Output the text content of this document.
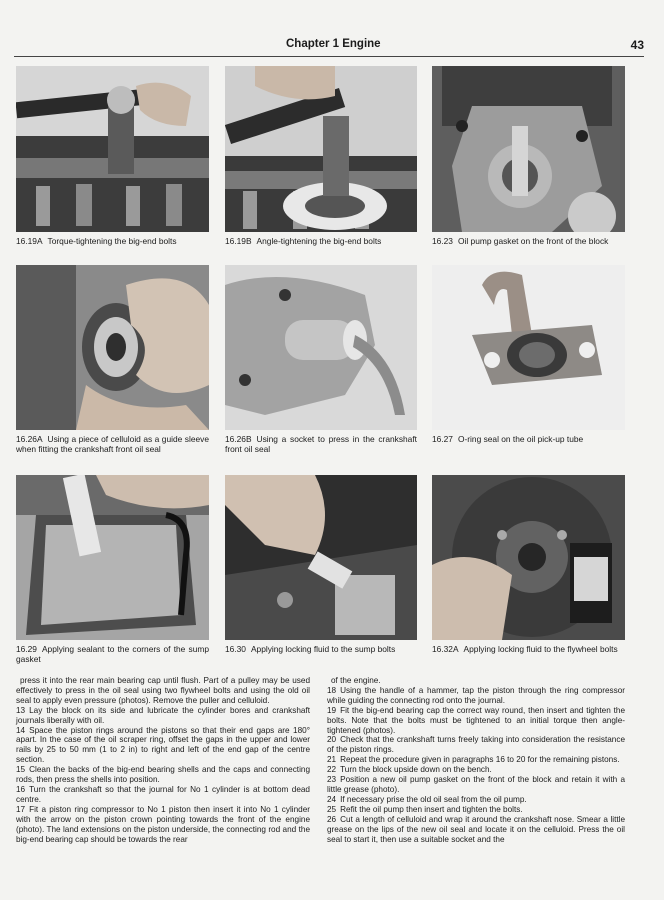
Chapter 1 Engine	43
16.19A Torque-tightening the big-end bolts	16.19B Angle-tightening the big-end bolts	16.23 Oil pump gasket on the front of the block
16.26A Using a piece of celluloid as a guide sleeve when fitting the crankshaft front oil seal
16.26B Using a socket to press in the crankshaft front oil seal
16.27 O-ring seal on the oil pick-up tube
16.29 Applying sealant to the corners of the sump gasket
16.30 Applying locking fluid to the sump bolts	16.32A Applying locking fluid to the flywheel bolts

press it into the rear main bearing cap until flush. Part of a pulley may be used effectively to press in the oil seal using two flywheel bolts and using the old oil seal to apply even pressure (photos). Remove the puller and celluloid.

13 Lay the block on its side and lubricate the cylinder bores and crankshaft journals liberally with oil.

14 Space the piston rings around the pistons so that their end gaps are 180° apart. In the case of the oil scraper ring, offset the gaps in the upper and lower rails by 25 to 50 mm (1 to 2 in) to right and left of the end gap of the centre section.

15 Clean the backs of the big-end bearing shells and the caps and connecting rods, then press the shells into position.

16 Turn the crankshaft so that the journal for No 1 cylinder is at bottom dead centre.

17 Fit a piston ring compressor to No 1 piston then insert it into No 1 cylinder with the arrow on the piston crown pointing towards the front of the engine (photo). The land extensions on the piston underside, the connecting rod and the big-end bearing cap should be towards the rear

of the engine.

18 Using the handle of a hammer, tap the piston through the ring compressor while guiding the connecting rod onto the journal.

19 Fit the big-end bearing cap the correct way round, then insert and tighten the bolts. Note that the bolts must be tightened to an initial torque then angle-tightened (photos).

20 Check that the crankshaft turns freely taking into consideration the resistance of the piston rings.

21 Repeat the procedure given in paragraphs 16 to 20 for the remaining pistons.

22 Turn the block upside down on the bench.

23 Position a new oil pump gasket on the front of the block and retain it with a little grease (photo).

24 If necessary prise the old oil seal from the oil pump.

25 Refit the oil pump then insert and tighten the bolts.

26 Cut a length of celluloid and wrap it around the crankshaft nose. Smear a little grease on the lips of the new oil seal and locate it on the celluloid. Press the oil seal to start it, then use a suitable socket and the
